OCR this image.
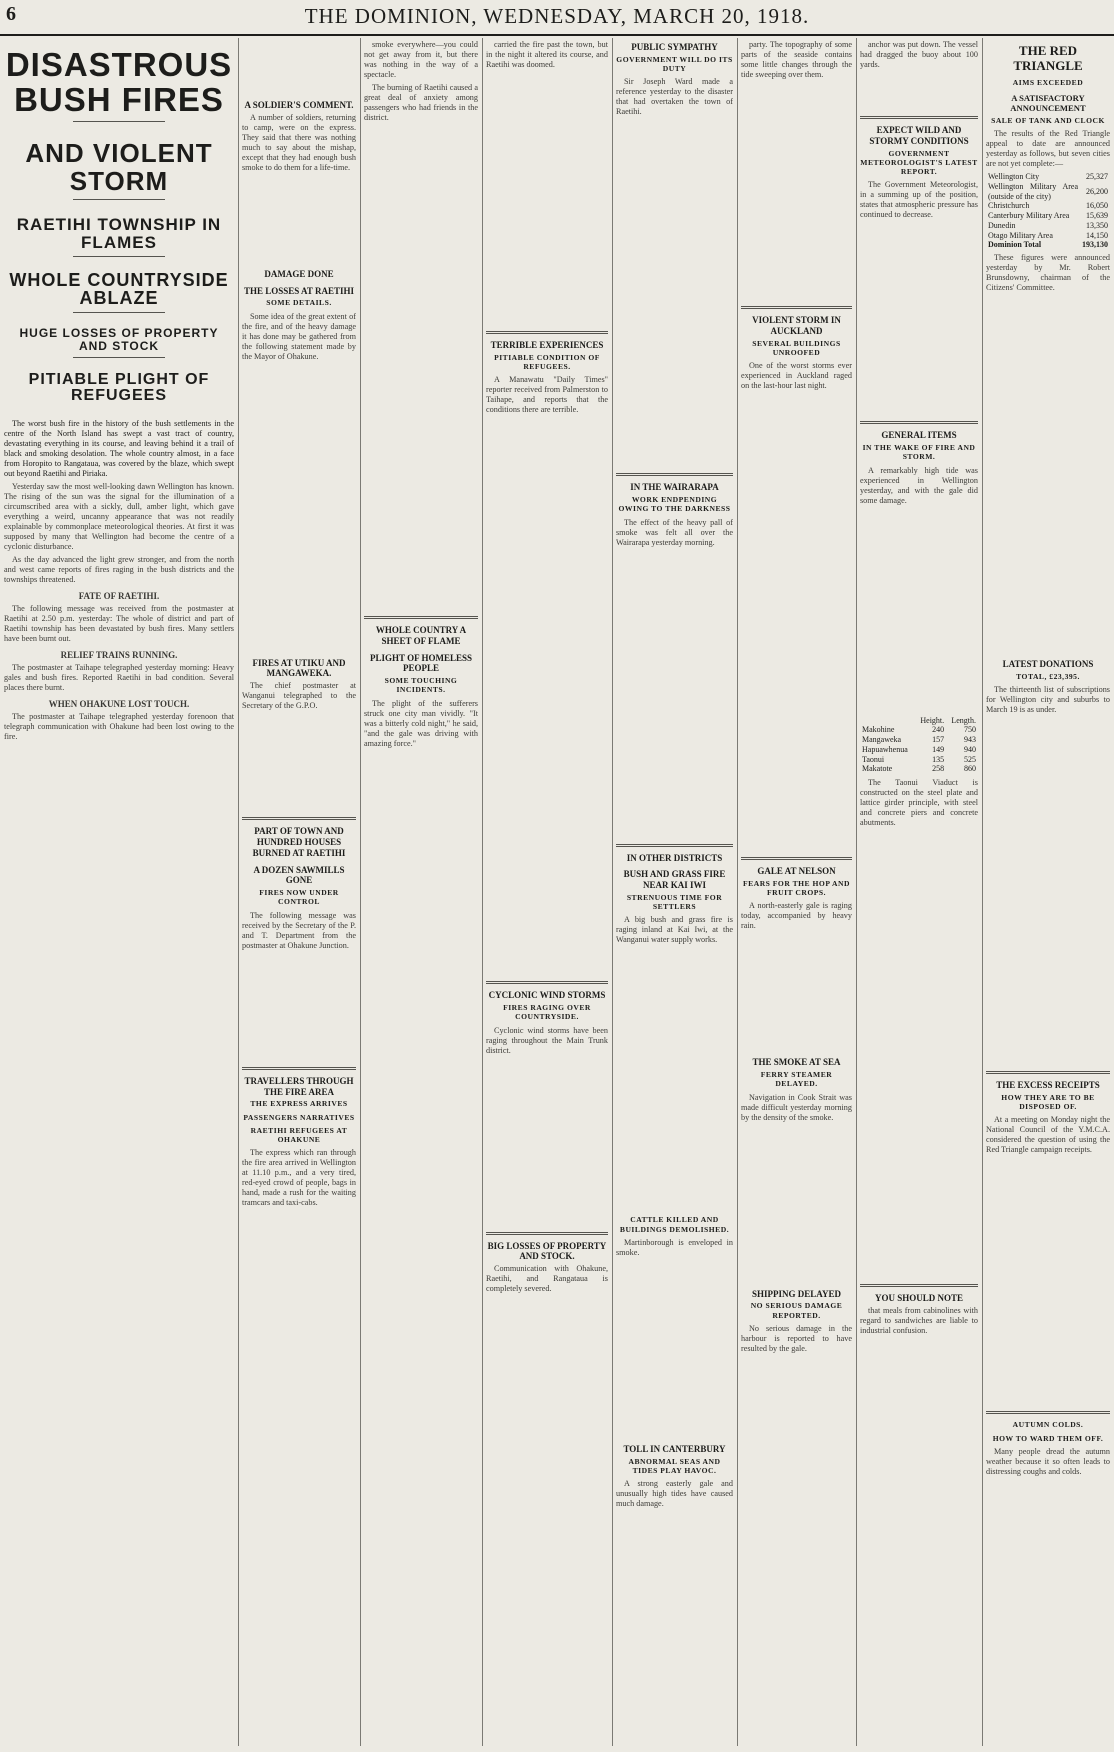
6	THE DOMINION, WEDNESDAY, MARCH 20, 1918.
DISASTROUS BUSH FIRES
AND VIOLENT STORM
RAETIHI TOWNSHIP IN FLAMES
WHOLE COUNTRYSIDE ABLAZE
HUGE LOSSES OF PROPERTY AND STOCK
PITIABLE PLIGHT OF REFUGEES

The worst bush fire in the history of the bush settlements in the centre of the North Island has swept a vast tract of country, devastating everything in its course, and leaving behind it a trail of black and smoking desolation. The whole country almost, in a face from Horopito to Rangataua, was covered by the blaze, which swept out beyond Raetihi and Piriaka.

Yesterday saw the most well-looking dawn Wellington has known. The rising of the sun was the signal for the illumination of a circumscribed area with a sickly, dull, amber light, which gave everything a weird, uncanny appearance that was not readily explainable by commonplace meteorological theories. At first it was supposed by many that Wellington had become the centre of a cyclonic disturbance.

As the day advanced the light grew stronger, and from the north and west came reports of fires raging in the bush districts and the townships threatened.

FATE OF RAETIHI.

The following message was received from the postmaster at Raetihi at 2.50 p.m. yesterday: The whole of district and part of Raetihi township has been devastated by bush fires. Many settlers have been burnt out.

RELIEF TRAINS RUNNING.

The postmaster at Taihape telegraphed yesterday morning: Heavy gales and bush fires. Reported Raetihi in bad condition. Several places there burnt.

WHEN OHAKUNE LOST TOUCH.

The postmaster at Taihape telegraphed yesterday forenoon that telegraph communication with Ohakune had been lost owing to the fire.

A SOLDIER'S COMMENT.

A number of soldiers, returning to camp, were on the express. They said that there was nothing much to say about the mishap, except that they had enough bush smoke to do them for a life-time.

DAMAGE DONE
THE LOSSES AT RAETIHI
SOME DETAILS.

Some idea of the great extent of the fire, and of the heavy damage it has done may be gathered from the following statement made by the Mayor of Ohakune.

FIRES AT UTIKU AND MANGAWEKA.

The chief postmaster at Wanganui telegraphed to the Secretary of the G.P.O.

PART OF TOWN AND HUNDRED HOUSES BURNED AT RAETIHI
A DOZEN SAWMILLS GONE
FIRES NOW UNDER CONTROL

The following message was received by the Secretary of the P. and T. Department from the postmaster at Ohakune Junction.

TRAVELLERS THROUGH THE FIRE AREA
THE EXPRESS ARRIVES
PASSENGERS NARRATIVES
RAETIHI REFUGEES AT OHAKUNE

The express which ran through the fire area arrived in Wellington at 11.10 p.m., and a very tired, red-eyed crowd of people, bags in hand, made a rush for the waiting tramcars and taxi-cabs.

smoke everywhere—you could not get away from it, but there was nothing in the way of a spectacle.

The burning of Raetihi caused a great deal of anxiety among passengers who had friends in the district.

WHOLE COUNTRY A SHEET OF FLAME
PLIGHT OF HOMELESS PEOPLE
SOME TOUCHING INCIDENTS.

The plight of the sufferers struck one city man vividly. "It was a bitterly cold night," he said, "and the gale was driving with amazing force."

carried the fire past the town, but in the night it altered its course, and Raetihi was doomed.

TERRIBLE EXPERIENCES
PITIABLE CONDITION OF REFUGEES.

A Manawatu "Daily Times" reporter received from Palmerston to Taihape, and reports that the conditions there are terrible.

CYCLONIC WIND STORMS
FIRES RAGING OVER COUNTRYSIDE.

Cyclonic wind storms have been raging throughout the Main Trunk district.

BIG LOSSES OF PROPERTY AND STOCK.

Communication with Ohakune, Raetihi, and Rangataua is completely severed.

PUBLIC SYMPATHY
GOVERNMENT WILL DO ITS DUTY

Sir Joseph Ward made a reference yesterday to the disaster that had overtaken the town of Raetihi.

IN THE WAIRARAPA
WORK ENDPENDING OWING TO THE DARKNESS

The effect of the heavy pall of smoke was felt all over the Wairarapa yesterday morning.

IN OTHER DISTRICTS
BUSH AND GRASS FIRE NEAR KAI IWI
STRENUOUS TIME FOR SETTLERS

A big bush and grass fire is raging inland at Kai Iwi, at the Wanganui water supply works.

CATTLE KILLED AND BUILDINGS DEMOLISHED.

Martinborough is enveloped in smoke.

TOLL IN CANTERBURY
ABNORMAL SEAS AND TIDES PLAY HAVOC.

A strong easterly gale and unusually high tides have caused much damage.

party. The topography of some parts of the seaside contains some little changes through the tide sweeping over them.

VIOLENT STORM IN AUCKLAND
SEVERAL BUILDINGS UNROOFED

One of the worst storms ever experienced in Auckland raged on the last-hour last night.

GALE AT NELSON
FEARS FOR THE HOP AND FRUIT CROPS.

A north-easterly gale is raging today, accompanied by heavy rain.

THE SMOKE AT SEA
FERRY STEAMER DELAYED.

Navigation in Cook Strait was made difficult yesterday morning by the density of the smoke.

SHIPPING DELAYED
NO SERIOUS DAMAGE REPORTED.

No serious damage in the harbour is reported to have resulted by the gale.

anchor was put down. The vessel had dragged the buoy about 100 yards.

EXPECT WILD AND STORMY CONDITIONS
GOVERNMENT METEOROLOGIST'S LATEST REPORT.

The Government Meteorologist, in a summing up of the position, states that atmospheric pressure has continued to decrease.

GENERAL ITEMS
IN THE WAKE OF FIRE AND STORM.

A remarkably high tide was experienced in Wellington yesterday, and with the gale did some damage.

	Height.	Length.
Makohine	240	750
Mangaweka	157	943
Hapuawhenua	149	940
Taonui	135	525
Makatote	258	860

The Taonui Viaduct is constructed on the steel plate and lattice girder principle, with steel and concrete piers and concrete abutments.

YOU SHOULD NOTE

that meals from cabinolines with regard to sandwiches are liable to industrial confusion.

THE RED TRIANGLE
AIMS EXCEEDED
A SATISFACTORY ANNOUNCEMENT
SALE OF TANK AND CLOCK

The results of the Red Triangle appeal to date are announced yesterday as follows, but seven cities are not yet complete:—

Wellington City	25,327
Wellington Military Area (outside of the city)	26,200
Christchurch	16,050
Canterbury Military Area	15,639
Dunedin	13,350
Otago Military Area	14,150
Dominion Total	193,130

These figures were announced yesterday by Mr. Robert Brunsdowny, chairman of the Citizens' Committee.

LATEST DONATIONS
TOTAL, £23,395.

The thirteenth list of subscriptions for Wellington city and suburbs to March 19 is as under.

THE EXCESS RECEIPTS
HOW THEY ARE TO BE DISPOSED OF.

At a meeting on Monday night the National Council of the Y.M.C.A. considered the question of using the Red Triangle campaign receipts.

AUTUMN COLDS.
HOW TO WARD THEM OFF.

Many people dread the autumn weather because it so often leads to distressing coughs and colds.
